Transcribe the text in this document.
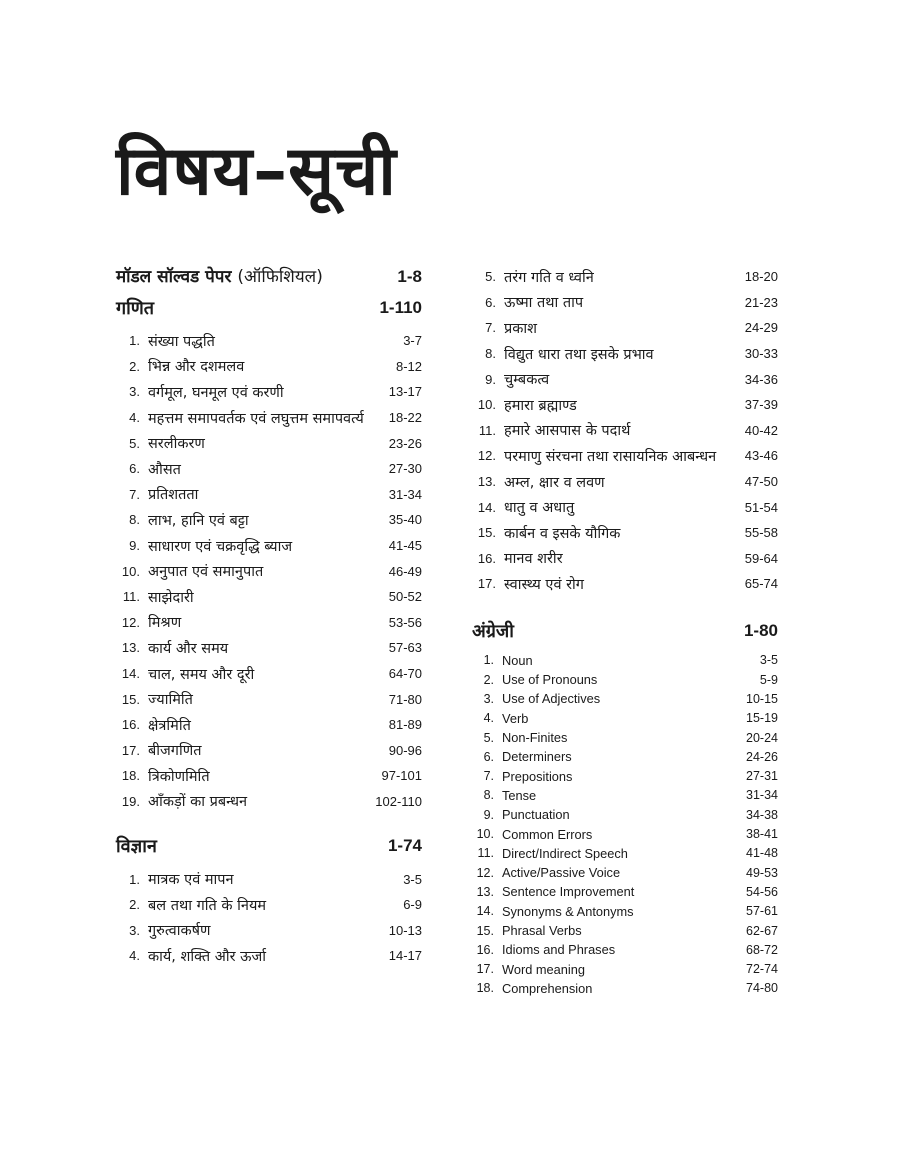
विषय–सूची
मॉडल सॉल्वड पेपर (ऑफिशियल)	1-8
गणित	1-110
1. संख्या पद्धति	3-7
2. भिन्न और दशमलव	8-12
3. वर्गमूल, घनमूल एवं करणी	13-17
4. महत्तम समापवर्तक एवं लघुत्तम समापवर्त्य 18-22
5. सरलीकरण	23-26
6. औसत	27-30
7. प्रतिशतता	31-34
8. लाभ, हानि एवं बट्टा	35-40
9. साधारण एवं चक्रवृद्धि ब्याज	41-45
10. अनुपात एवं समानुपात	46-49
11. साझेदारी	50-52
12. मिश्रण	53-56
13. कार्य और समय	57-63
14. चाल, समय और दूरी	64-70
15. ज्यामिति	71-80
16. क्षेत्रमिति	81-89
17. बीजगणित	90-96
18. त्रिकोणमिति	97-101
19. आँकड़ों का प्रबन्धन	102-110
विज्ञान	1-74
1. मात्रक एवं मापन	3-5
2. बल तथा गति के नियम	6-9
3. गुरुत्वाकर्षण	10-13
4. कार्य, शक्ति और ऊर्जा	14-17
5. तरंग गति व ध्वनि	18-20
6. ऊष्मा तथा ताप	21-23
7. प्रकाश	24-29
8. विद्युत धारा तथा इसके प्रभाव	30-33
9. चुम्बकत्व	34-36
10. हमारा ब्रह्माण्ड	37-39
11. हमारे आसपास के पदार्थ	40-42
12. परमाणु संरचना तथा रासायनिक आबन्धन 43-46
13. अम्ल, क्षार व लवण	47-50
14. धातु व अधातु	51-54
15. कार्बन व इसके यौगिक	55-58
16. मानव शरीर	59-64
17. स्वास्थ्य एवं रोग	65-74
अंग्रेजी	1-80
1. Noun	3-5
2. Use of Pronouns	5-9
3. Use of Adjectives	10-15
4. Verb	15-19
5. Non-Finites	20-24
6. Determiners	24-26
7. Prepositions	27-31
8. Tense	31-34
9. Punctuation	34-38
10. Common Errors	38-41
11. Direct/Indirect Speech	41-48
12. Active/Passive Voice	49-53
13. Sentence Improvement	54-56
14. Synonyms & Antonyms	57-61
15. Phrasal Verbs	62-67
16. Idioms and Phrases	68-72
17. Word meaning	72-74
18. Comprehension	74-80
